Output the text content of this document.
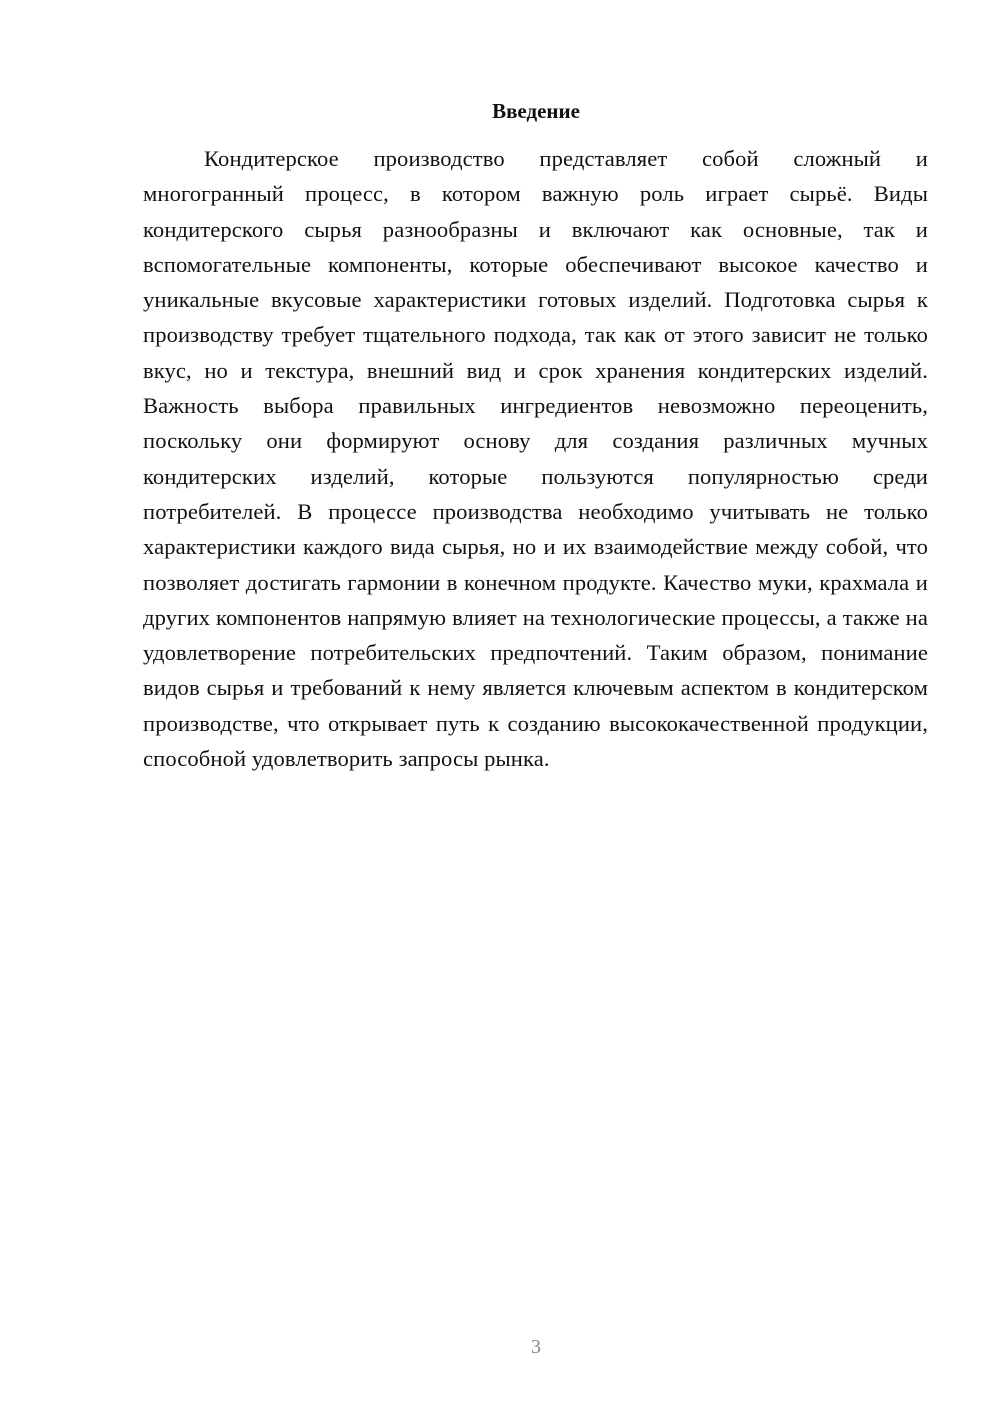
Введение

Кондитерское производство представляет собой сложный и многогранный процесс, в котором важную роль играет сырьё. Виды кондитерского сырья разнообразны и включают как основные, так и вспомогательные компоненты, которые обеспечивают высокое качество и уникальные вкусовые характеристики готовых изделий. Подготовка сырья к производству требует тщательного подхода, так как от этого зависит не только вкус, но и текстура, внешний вид и срок хранения кондитерских изделий. Важность выбора правильных ингредиентов невозможно переоценить, поскольку они формируют основу для создания различных мучных кондитерских изделий, которые пользуются популярностью среди потребителей. В процессе производства необходимо учитывать не только характеристики каждого вида сырья, но и их взаимодействие между собой, что позволяет достигать гармонии в конечном продукте. Качество муки, крахмала и других компонентов напрямую влияет на технологические процессы, а также на удовлетворение потребительских предпочтений. Таким образом, понимание видов сырья и требований к нему является ключевым аспектом в кондитерском производстве, что открывает путь к созданию высококачественной продукции, способной удовлетворить запросы рынка.

3
